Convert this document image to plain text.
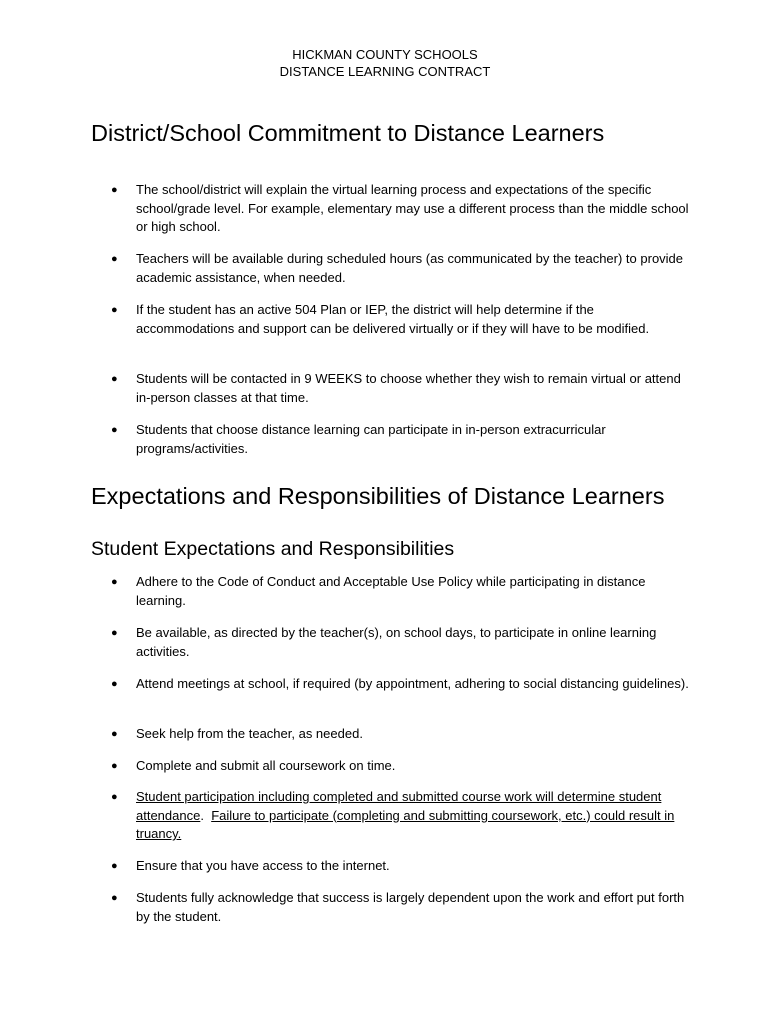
HICKMAN COUNTY SCHOOLS
DISTANCE LEARNING CONTRACT
District/School Commitment to Distance Learners
●	The school/district will explain the virtual learning process and expectations of the specific school/grade level. For example, elementary may use a different process than the middle school or high school.
●	Teachers will be available during scheduled hours (as communicated by the teacher) to provide academic assistance, when needed.
●	If the student has an active 504 Plan or IEP, the district will help determine if the accommodations and support can be delivered virtually or if they will have to be modified.
●	Students will be contacted in 9 WEEKS to choose whether they wish to remain virtual or attend in-person classes at that time.
●	Students that choose distance learning can participate in in-person extracurricular programs/activities.
Expectations and Responsibilities of Distance Learners
Student Expectations and Responsibilities
●	Adhere to the Code of Conduct and Acceptable Use Policy while participating in distance learning.
●	Be available, as directed by the teacher(s), on school days, to participate in online learning activities.
●	Attend meetings at school, if required (by appointment, adhering to social distancing guidelines).
●	Seek help from the teacher, as needed.
●	Complete and submit all coursework on time.
●	Student participation including completed and submitted course work will determine student attendance.  Failure to participate (completing and submitting coursework, etc.) could result in truancy.
●	Ensure that you have access to the internet.
●	Students fully acknowledge that success is largely dependent upon the work and effort put forth by the student.
